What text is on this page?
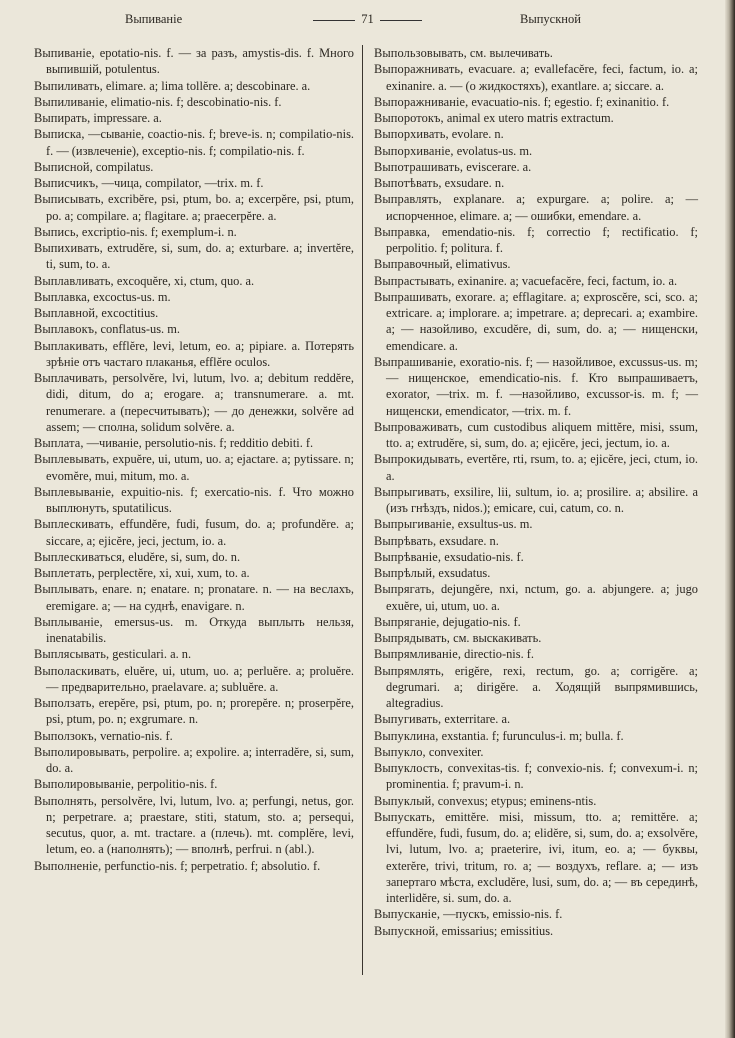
Выпиванie	71	Выпускной
Выпиванie, epotatio-nis. f. — за разъ, amystis-dis. f. Много выпившiй, potulentus.
Выпиливать, elimare. a; lima tollĕre. a; descobinare. a.
Выпиливанie, elimatio-nis. f; descobinatio-nis. f.
Выпирать, impressare. a.
Выписка, —сыванie, coactio-nis. f; breve-is. n; compilatio-nis. f. — (извлеченie), exceptio-nis. f; compilatio-nis. f.
Выписной, compilatus.
Выписчикъ, —чица, compilator, —trix. m. f.
Выписывать, excribĕre, psi, ptum, bo. a; excerpĕre, psi, ptum, po. a; compilare. a; flagitare. a; praecerpĕre. a.
Выпись, excriptio-nis. f; exemplum-i. n.
Выпихивать, extrudĕre, si, sum, do. a; exturbare. a; invertĕre, ti, sum, to. a.
Выплавливать, excoquĕre, xi, ctum, quo. a.
Выплавка, excoctus-us. m.
Выплавной, excoctitius.
Выплавокъ, conflatus-us. m.
Выплакивать, efflĕre, levi, letum, eo. a; pipiare. a. Потерять зрѣнie отъ частаго плаканья, efflĕre oculos.
Выплачивать, persolvĕre, lvi, lutum, lvo. a; debitum reddĕre, didi, ditum, do a; erogare. a; transnumerare. a. mt. renumerare. a (пересчитывать); — до денежки, solvĕre ad assem; — сполна, solidum solvĕre. a.
Выплата, —чиванie, persolutio-nis. f; redditio debiti. f.
Выплевывать, expuĕre, ui, utum, uo. a; ejactare. a; pytissare. n; evomĕre, mui, mitum, mo. a.
Выплевыванie, expuitio-nis. f; exercatio-nis. f. Что можно выплюнуть, sputatilicus.
Выплескивать, effundĕre, fudi, fusum, do. a; profundĕre. a; siccare, a; ejicĕre, jeci, jectum, io. a.
Выплескиваться, eludĕre, si, sum, do. n.
Выплетать, perplectĕre, xi, xui, xum, to. a.
Выплывать, enare. n; enatare. n; pronatare. n. — на веслахъ, eremigare. a; — на суднѣ, enavigare. n.
Выплыванie, emersus-us. m. Откуда выплыть нельзя, inenatabilis.
Выплясывать, gesticulari. a. n.
Выполаскивать, eluĕre, ui, utum, uo. a; perluĕre. a; proluĕre. — предварительно, praelavare. a; subluĕre. a.
Выползать, erepĕre, psi, ptum, po. n; prorepĕre. n; proserpĕre, psi, ptum, po. n; exgrumare. n.
Выползокъ, vernatio-nis. f.
Выполировывать, perpolire. a; expolire. a; interradĕre, si, sum, do. a.
Выполировыванie, perpolitio-nis. f.
Выполнять, persolvĕre, lvi, lutum, lvo. a; perfungi, netus, gor. n; perpetrare. a; praestare, stiti, statum, sto. a; persequi, secutus, quor, a. mt. tractare. a (плечь). mt. complĕre, levi, letum, eo. a (наполнять); — вполнѣ, perfrui. n (abl.).
Выполненie, perfunctio-nis. f; perpetratio. f; absolutio. f.
Выпользовывать, см. вылечивать.
Выпоражнивать, evacuare. a; evallefacĕre, feci, factum, io. a; exinanire. a. — (о жидкостяхъ), exantlare. a; siccare. a.
Выпоражниванie, evacuatio-nis. f; egestio. f; exinanitio. f.
Выпоротокъ, animal ex utero matris extractum.
Выпорхивать, evolare. n.
Выпорхиванie, evolatus-us. m.
Выпотрашивать, eviscerare. a.
Выпотѣвать, exsudare. n.
Выправлять, explanare. a; expurgare. a; polire. a; — испорченное, elimare. a; — ошибки, emendare. a.
Выправка, emendatio-nis. f; correctio f; rectificatio. f; perpolitio. f; politura. f.
Выправочный, elimativus.
Выпрастывать, exinanire. a; vacuefacĕre, feci, factum, io. a.
Выпрашивать, exorare. a; efflagitare. a; exproscĕre, sci, sco. a; extricare. a; implorare. a; impetrare. a; deprecari. a; exambire. a; — назойливо, excudĕre, di, sum, do. a; — нищенски, emendicare. a.
Выпрашиванie, exoratio-nis. f; — назойливое, excussus-us. m; — нищенское, emendicatio-nis. f. Кто выпрашиваетъ, exorator, —trix. m. f. —назойливо, excussor-is. m. f; — нищенски, emendicator, —trix. m. f.
Выпроваживать, cum custodibus aliquem mittĕre, misi, ssum, tto. a; extrudĕre, si, sum, do. a; ejicĕre, jeci, jectum, io. a.
Выпрокидывать, evertĕre, rti, rsum, to. a; ejicĕre, jeci, ctum, io. a.
Выпрыгивать, exsilire, lii, sultum, io. a; prosilire. a; absilire. a (изъ гнѣздъ, nidos.); emicare, cui, catum, co. n.
Выпрыгиванie, exsultus-us. m.
Выпрѣвать, exsudare. n.
Выпрѣванie, exsudatio-nis. f.
Выпрѣлый, exsudatus.
Выпрягать, dejungĕre, nxi, nctum, go. a. abjungere. a; jugo exuĕre, ui, utum, uo. a.
Выпряганie, dejugatio-nis. f.
Выпрядывать, см. выскакивать.
Выпрямливанie, directio-nis. f.
Выпрямлять, erigĕre, rexi, rectum, go. a; corrigĕre. a; degrumari. a; dirigĕre. a. Ходящiй выпрямившись, altegradius.
Выпугивать, exterritare. a.
Выпуклина, exstantia. f; furunculus-i. m; bulla. f.
Выпукло, convexiter.
Выпуклость, convexitas-tis. f; convexio-nis. f; convexum-i. n; prominentia. f; pravum-i. n.
Выпуклый, convexus; etypus; eminens-ntis.
Выпускать, emittĕre. misi, missum, tto. a; remittĕre. a; effundĕre, fudi, fusum, do. a; elidĕre, si, sum, do. a; exsolvĕre, lvi, lutum, lvo. a; praeterire, ivi, itum, eo. a; — буквы, exterĕre, trivi, tritum, ro. a; — воздухъ, reflare. a; — изъ запертаго мѣста, excludĕre, lusi, sum, do. a; — въ серединѣ, interlidĕre, si. sum, do. a.
Выпусканie, —пускъ, emissio-nis. f.
Выпускной, emissarius; emissitius.
